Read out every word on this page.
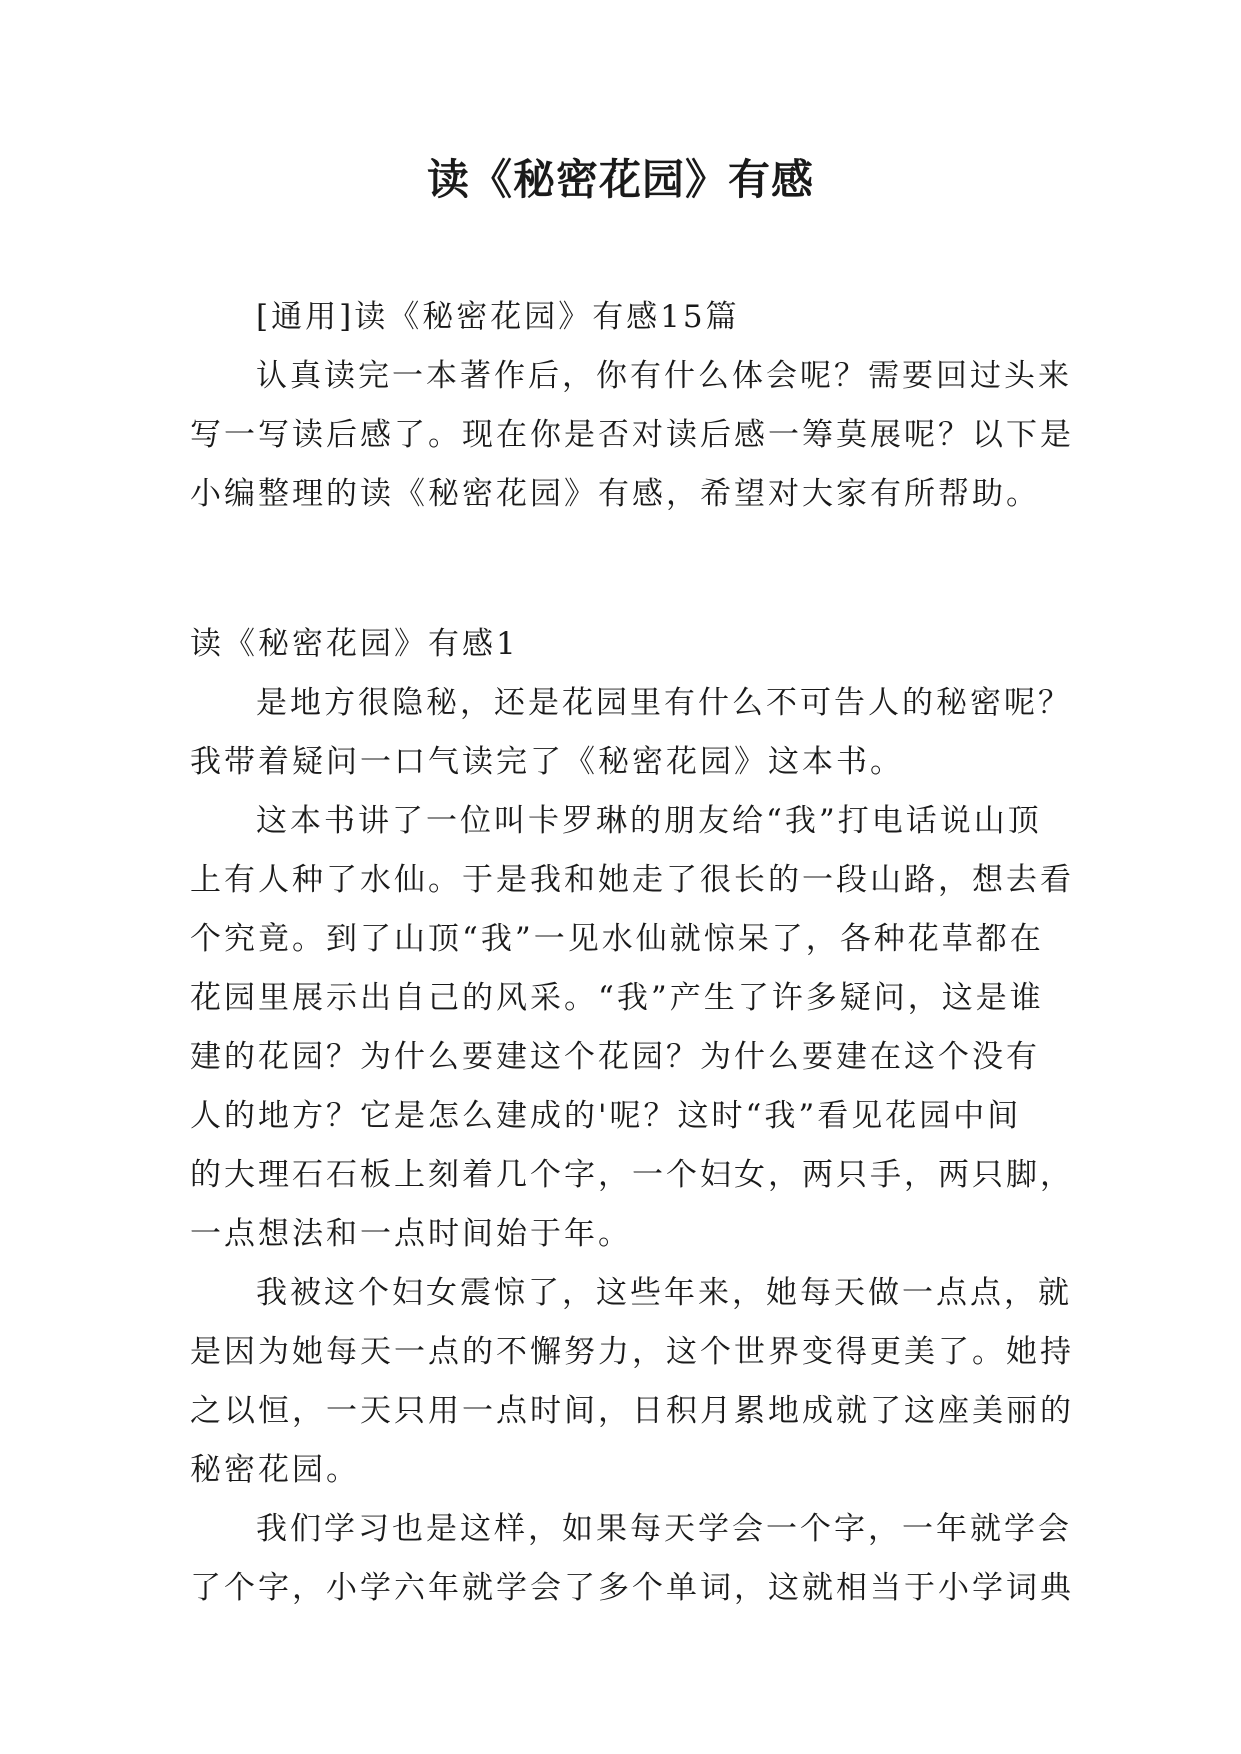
读《秘密花园》有感

[通用]读《秘密花园》有感15篇

认真读完一本著作后，你有什么体会呢？需要回过头来

写一写读后感了。现在你是否对读后感一筹莫展呢？以下是

小编整理的读《秘密花园》有感，希望对大家有所帮助。

读《秘密花园》有感1

是地方很隐秘，还是花园里有什么不可告人的秘密呢？

我带着疑问一口气读完了《秘密花园》这本书。

这本书讲了一位叫卡罗琳的朋友给“我”打电话说山顶

上有人种了水仙。于是我和她走了很长的一段山路，想去看

个究竟。到了山顶“我”一见水仙就惊呆了，各种花草都在

花园里展示出自己的风采。“我”产生了许多疑问，这是谁

建的花园？为什么要建这个花园？为什么要建在这个没有

人的地方？它是怎么建成的'呢？这时“我”看见花园中间

的大理石石板上刻着几个字，一个妇女，两只手，两只脚，

一点想法和一点时间始于年。

我被这个妇女震惊了，这些年来，她每天做一点点，就

是因为她每天一点的不懈努力，这个世界变得更美了。她持

之以恒，一天只用一点时间，日积月累地成就了这座美丽的

秘密花园。

我们学习也是这样，如果每天学会一个字，一年就学会

了个字，小学六年就学会了多个单词，这就相当于小学词典
